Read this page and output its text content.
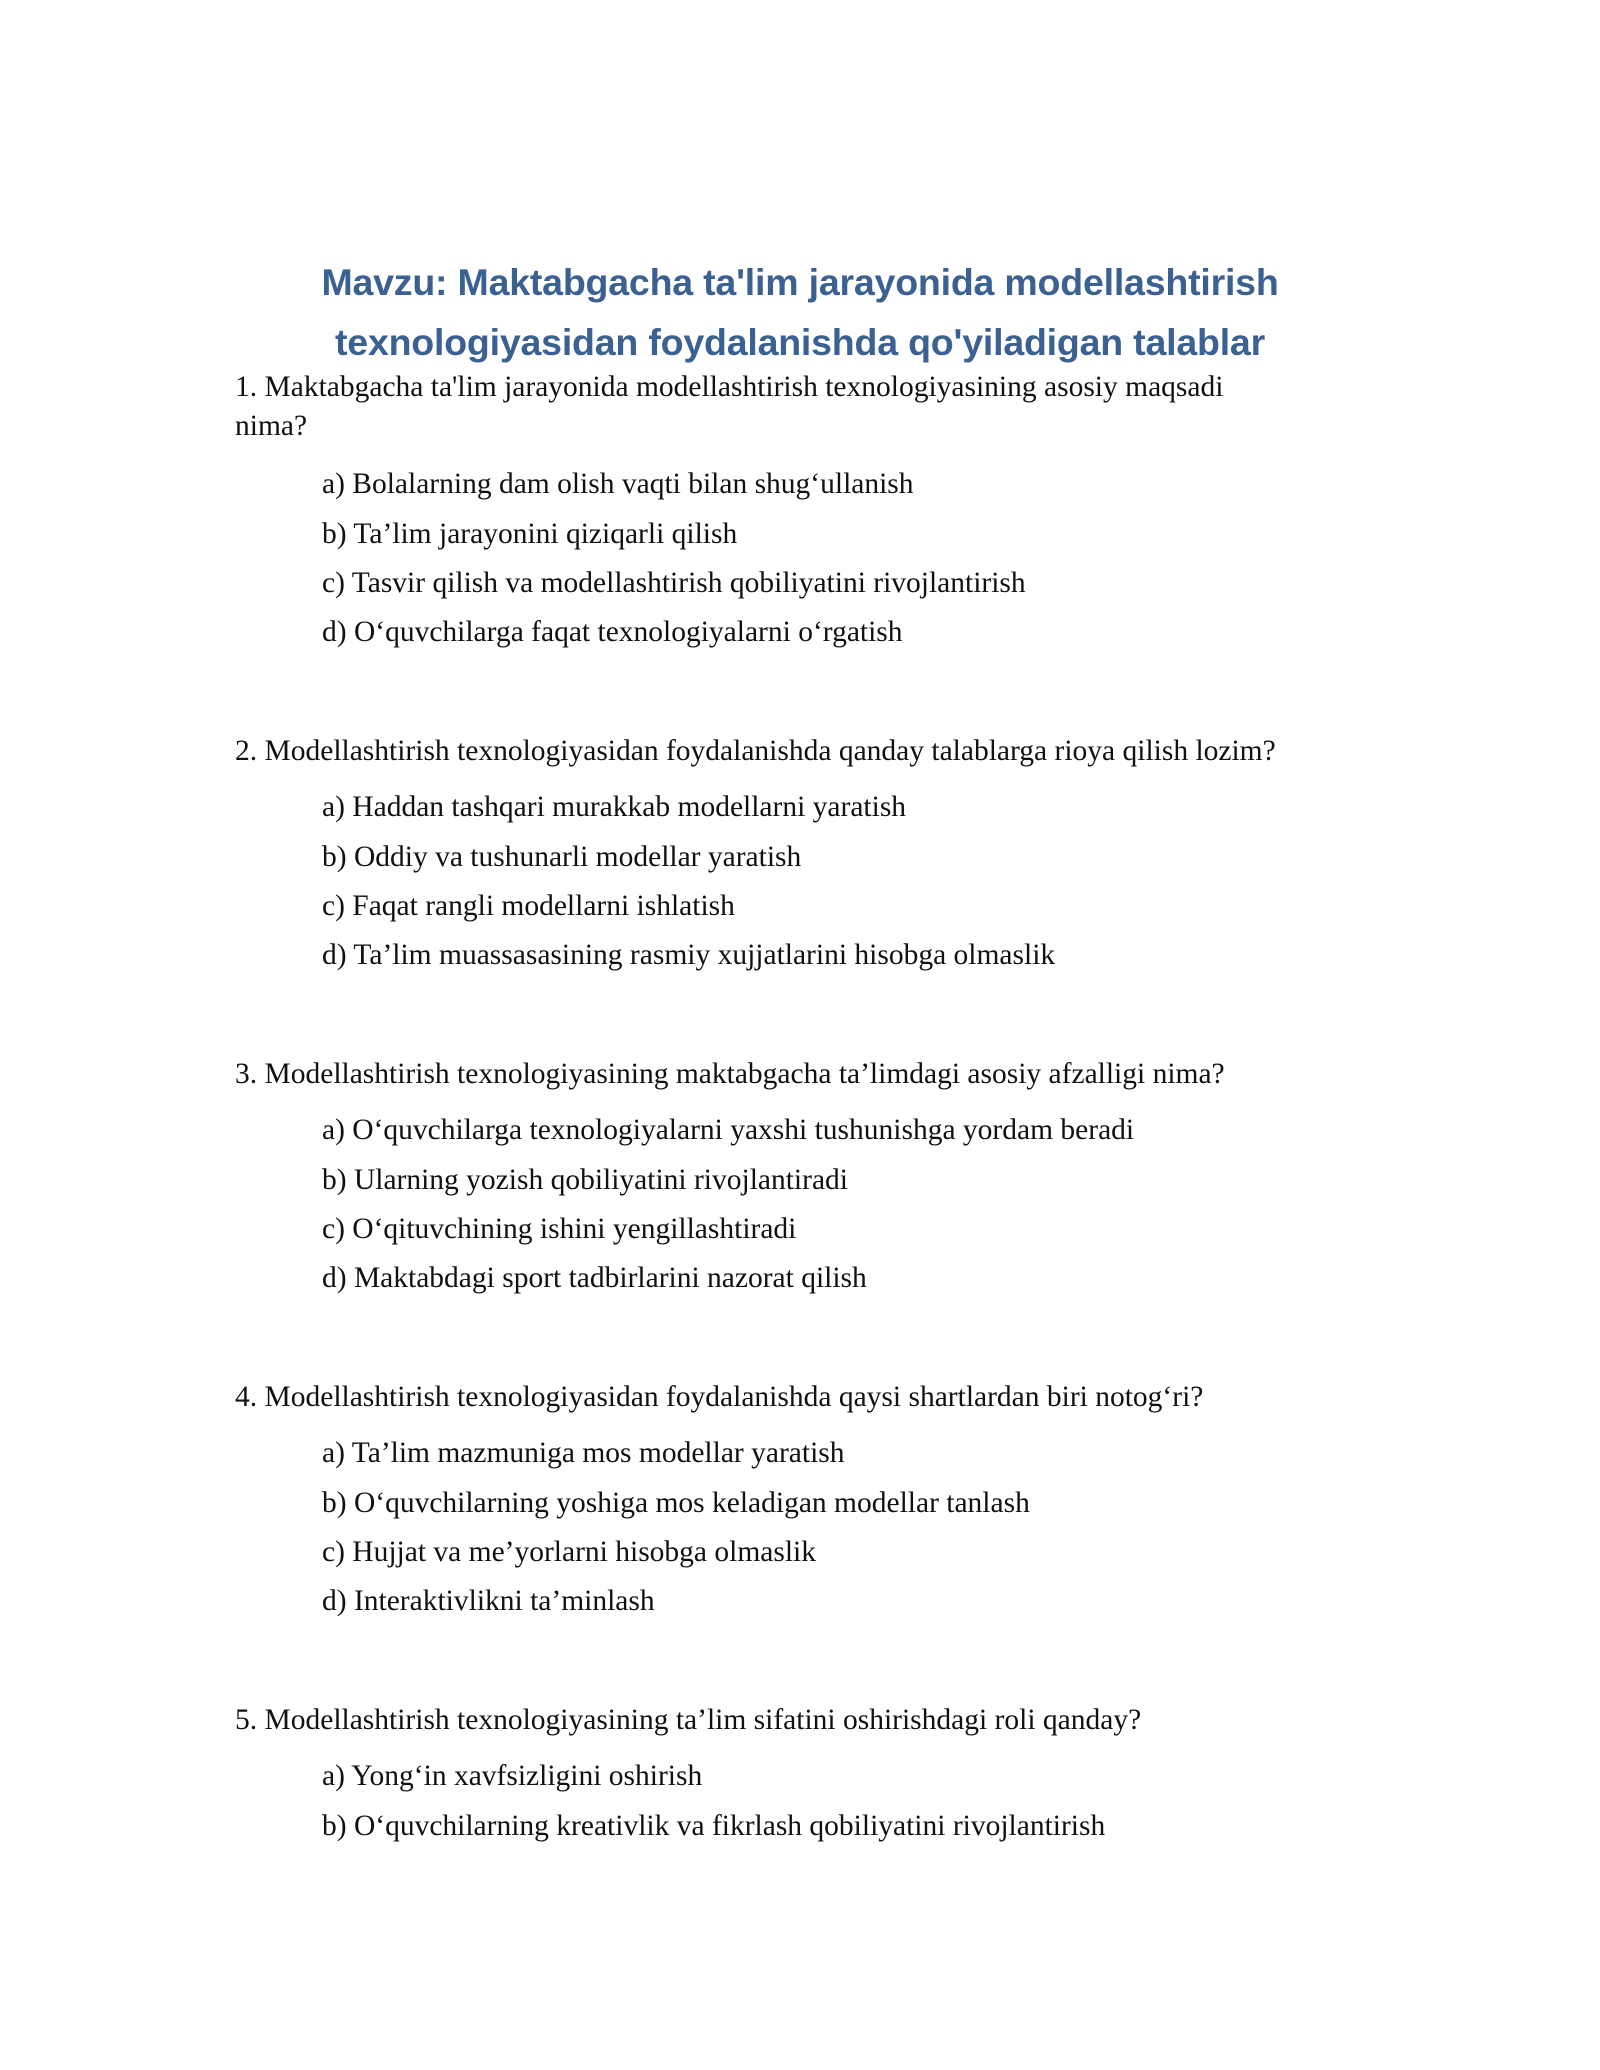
Mavzu: Maktabgacha ta'lim jarayonida modellashtirish
texnologiyasidan foydalanishda qo'yiladigan talablar
1. Maktabgacha ta'lim jarayonida modellashtirish texnologiyasining asosiy maqsadi
nima?
a) Bolalarning dam olish vaqti bilan shug‘ullanish
b) Ta’lim jarayonini qiziqarli qilish
c) Tasvir qilish va modellashtirish qobiliyatini rivojlantirish
d) O‘quvchilarga faqat texnologiyalarni o‘rgatish
2. Modellashtirish texnologiyasidan foydalanishda qanday talablarga rioya qilish lozim?
a) Haddan tashqari murakkab modellarni yaratish
b) Oddiy va tushunarli modellar yaratish
c) Faqat rangli modellarni ishlatish
d) Ta’lim muassasasining rasmiy xujjatlarini hisobga olmaslik
3. Modellashtirish texnologiyasining maktabgacha ta’limdagi asosiy afzalligi nima?
a) O‘quvchilarga texnologiyalarni yaxshi tushunishga yordam beradi
b) Ularning yozish qobiliyatini rivojlantiradi
c) O‘qituvchining ishini yengillashtiradi
d) Maktabdagi sport tadbirlarini nazorat qilish
4. Modellashtirish texnologiyasidan foydalanishda qaysi shartlardan biri notog‘ri?
a) Ta’lim mazmuniga mos modellar yaratish
b) O‘quvchilarning yoshiga mos keladigan modellar tanlash
c) Hujjat va me’yorlarni hisobga olmaslik
d) Interaktivlikni ta’minlash
5. Modellashtirish texnologiyasining ta’lim sifatini oshirishdagi roli qanday?
a) Yong‘in xavfsizligini oshirish
b) O‘quvchilarning kreativlik va fikrlash qobiliyatini rivojlantirish
